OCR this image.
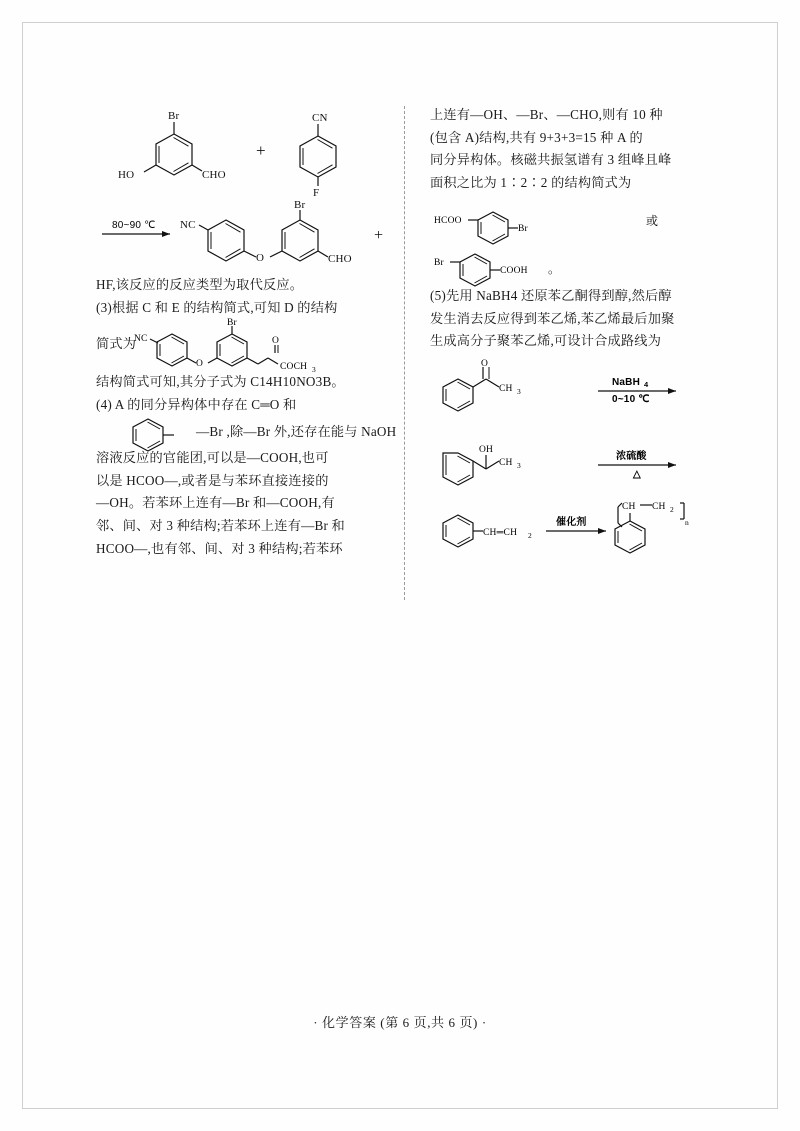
Br
HO	CHO
+
CN
F
80~90 ℃ NC
O
Br
CHO
+

HF,该反应的反应类型为取代反应。

(3)根据 C 和 E 的结构简式,可知 D 的结构

简式为
NC
O
Br
O
COCH 3

结构简式可知,其分子式为 C14H10NO3B。

(4) A 的同分异构体中存在 C═O 和

—Br ,除—Br 外,还存在能与 NaOH

溶液反应的官能团,可以是—COOH,也可

以是 HCOO—,或者是与苯环直接连接的

—OH。若苯环上连有—Br 和—COOH,有

邻、间、对 3 种结构;若苯环上连有—Br 和

HCOO—,也有邻、间、对 3 种结构;若苯环

上连有—OH、—Br、—CHO,则有 10 种

(包含 A)结构,共有 9+3+3=15 种 A 的

同分异构体。核磁共振氢谱有 3 组峰且峰

面积之比为 1∶2∶2 的结构简式为

HCOO
Br
或
Br
COOH 。

(5)先用 NaBH4 还原苯乙酮得到醇,然后醇

发生消去反应得到苯乙烯,苯乙烯最后加聚

生成高分子聚苯乙烯,可设计合成路线为

O
CH 3
NaBH 4
0~10 ℃
OH
CH 3
浓硫酸
△
CH═CH 2
催化剂
CH CH 2
n
· 化学答案 (第 6 页,共 6 页) ·
